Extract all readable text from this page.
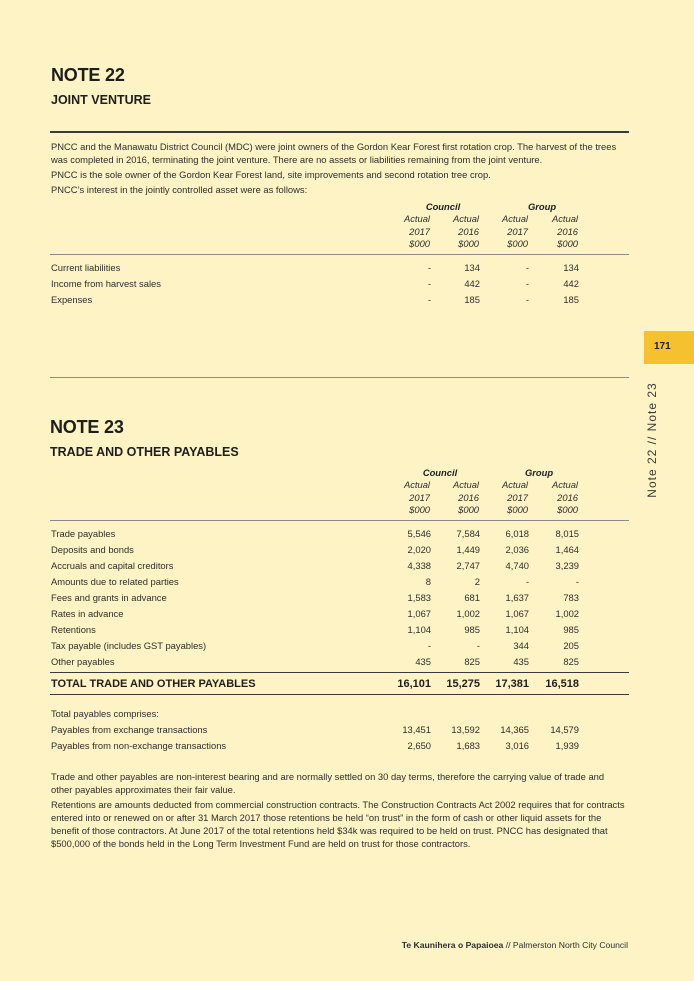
NOTE 22
JOINT VENTURE

PNCC and the Manawatu District Council (MDC) were joint owners of the Gordon Kear Forest first rotation crop. The harvest of the trees was completed in 2016, terminating the joint venture. There are no assets or liabilities remaining from the joint venture.

PNCC is the sole owner of the Gordon Kear Forest land, site improvements and second rotation tree crop.

PNCC’s interest in the jointly controlled asset were as follows:

Council	Group
Actual
2017
$000
Actual
2016
$000
Actual
2017
$000
Actual
2016
$000
Current liabilities	-	134	-	134
Income from harvest sales	-	442	-	442
Expenses	-	185	-	185
171
Note 22 // Note 23
NOTE 23
TRADE AND OTHER PAYABLES
Council	Group
Actual
2017
$000
Actual
2016
$000
Actual
2017
$000
Actual
2016
$000
Trade payables	5,546	7,584	6,018	8,015
Deposits and bonds	2,020	1,449	2,036	1,464
Accruals and capital creditors	4,338	2,747	4,740	3,239
Amounts due to related parties	8	2	-	-
Fees and grants in advance	1,583	681	1,637	783
Rates in advance	1,067	1,002	1,067	1,002
Retentions	1,104	985	1,104	985
Tax payable (includes GST payables)	-	-	344	205
Other payables	435	825	435	825
TOTAL TRADE AND OTHER PAYABLES	16,101	15,275	17,381	16,518
Total payables comprises:
Payables from exchange transactions	13,451	13,592	14,365	14,579
Payables from non-exchange transactions	2,650	1,683	3,016	1,939

Trade and other payables are non-interest bearing and are normally settled on 30 day terms, therefore the carrying value of trade and other payables approximates their fair value.

Retentions are amounts deducted from commercial construction contracts. The Construction Contracts Act 2002 requires that for contracts entered into or renewed on or after 31 March 2017 those retentions be held “on trust” in the form of cash or other liquid assets for the benefit of those contractors. At June 2017 of the total retentions held $34k was required to be held on trust. PNCC has designated that $500,000 of the bonds held in the Long Term Investment Fund are held on trust for those contractors.

Te Kaunihera o Papaioea // Palmerston North City Council
